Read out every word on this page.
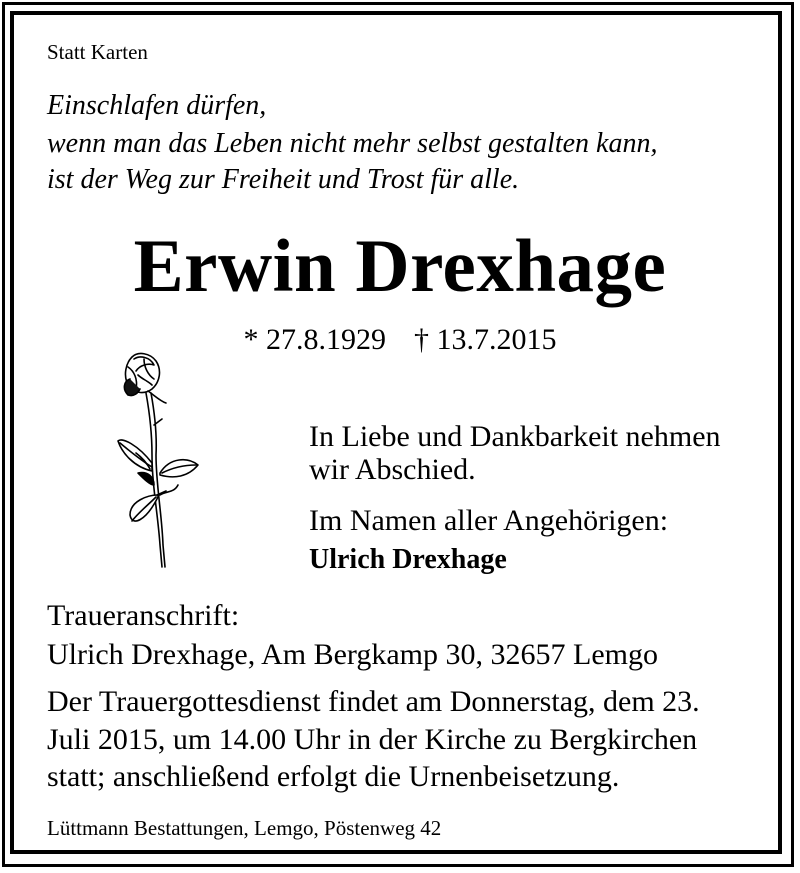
Statt Karten
Einschlafen dürfen,
wenn man das Leben nicht mehr selbst gestalten kann,
ist der Weg zur Freiheit und Trost für alle.
Erwin Drexhage
* 27.8.1929 † 13.7.2015
In Liebe und Dankbarkeit nehmen
wir Abschied.
Im Namen aller Angehörigen:
Ulrich Drexhage
Traueranschrift:
Ulrich Drexhage, Am Bergkamp 30, 32657 Lemgo
Der Trauergottesdienst findet am Donnerstag, dem 23.
Juli 2015, um 14.00 Uhr in der Kirche zu Bergkirchen
statt; anschließend erfolgt die Urnenbeisetzung.
Lüttmann Bestattungen, Lemgo, Pöstenweg 42
